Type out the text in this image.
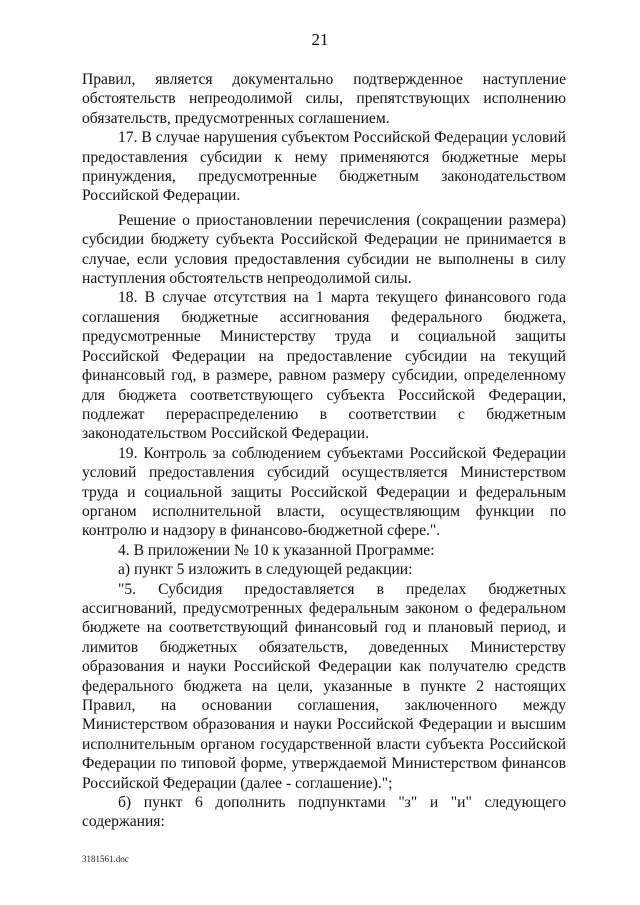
21

Правил, является документально подтвержденное наступление обстоятельств непреодолимой силы, препятствующих исполнению обязательств, предусмотренных соглашением.

17. В случае нарушения субъектом Российской Федерации условий предоставления субсидии к нему применяются бюджетные меры принуждения, предусмотренные бюджетным законодательством Российской Федерации.

Решение о приостановлении перечисления (сокращении размера) субсидии бюджету субъекта Российской Федерации не принимается в случае, если условия предоставления субсидии не выполнены в силу наступления обстоятельств непреодолимой силы.

18. В случае отсутствия на 1 марта текущего финансового года соглашения бюджетные ассигнования федерального бюджета, предусмотренные Министерству труда и социальной защиты Российской Федерации на предоставление субсидии на текущий финансовый год, в размере, равном размеру субсидии, определенному для бюджета соответствующего субъекта Российской Федерации, подлежат перераспределению в соответствии с бюджетным законодательством Российской Федерации.

19. Контроль за соблюдением субъектами Российской Федерации условий предоставления субсидий осуществляется Министерством труда и социальной защиты Российской Федерации и федеральным органом исполнительной власти, осуществляющим функции по контролю и надзору в финансово-бюджетной сфере.".

4. В приложении № 10 к указанной Программе:

а) пункт 5 изложить в следующей редакции:

"5. Субсидия предоставляется в пределах бюджетных ассигнований, предусмотренных федеральным законом о федеральном бюджете на соответствующий финансовый год и плановый период, и лимитов бюджетных обязательств, доведенных Министерству образования и науки Российской Федерации как получателю средств федерального бюджета на цели, указанные в пункте 2 настоящих Правил, на основании соглашения, заключенного между Министерством образования и науки Российской Федерации и высшим исполнительным органом государственной власти субъекта Российской Федерации по типовой форме, утверждаемой Министерством финансов Российской Федерации (далее - соглашение).";

б) пункт 6 дополнить подпунктами "з" и "и" следующего содержания:

3181561.doc
